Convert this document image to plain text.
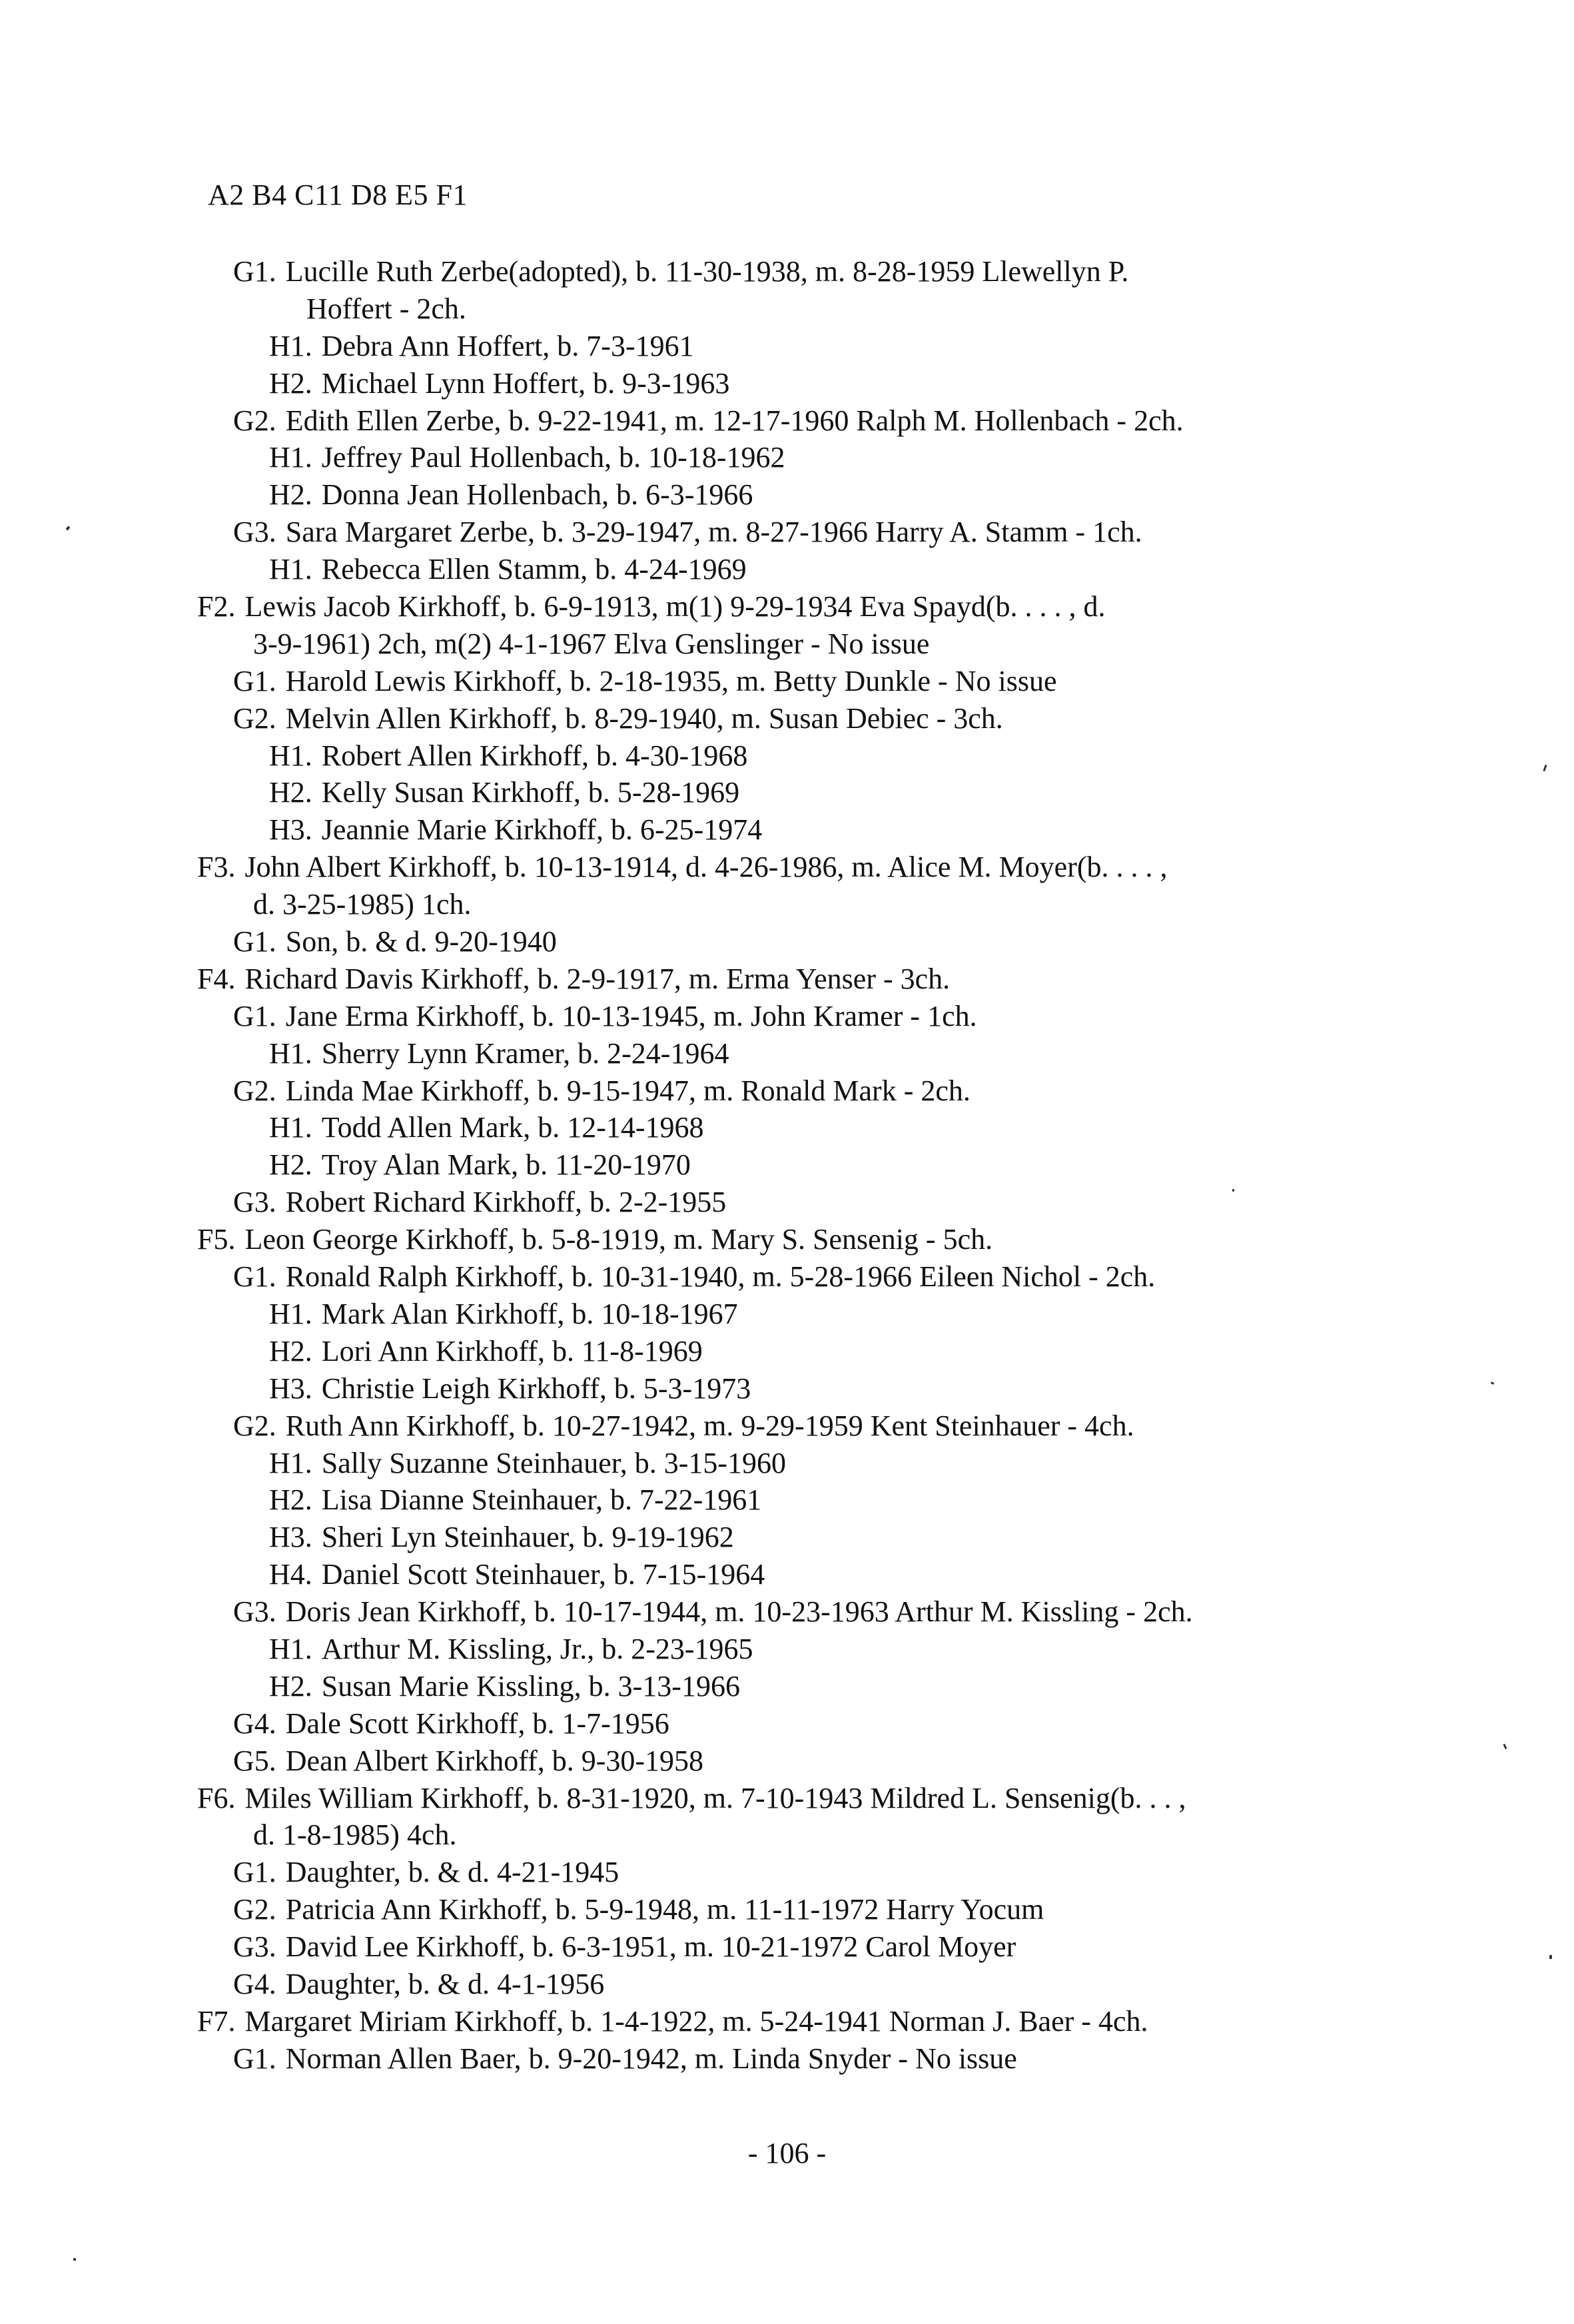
A2 B4 C11 D8 E5 F1
G1. Lucille Ruth Zerbe(adopted), b. 11-30-1938, m. 8-28-1959 Llewellyn P.
Hoffert - 2ch.
H1. Debra Ann Hoffert, b. 7-3-1961
H2. Michael Lynn Hoffert, b. 9-3-1963
G2. Edith Ellen Zerbe, b. 9-22-1941, m. 12-17-1960 Ralph M. Hollenbach - 2ch.
H1. Jeffrey Paul Hollenbach, b. 10-18-1962
H2. Donna Jean Hollenbach, b. 6-3-1966
G3. Sara Margaret Zerbe, b. 3-29-1947, m. 8-27-1966 Harry A. Stamm - 1ch.
H1. Rebecca Ellen Stamm, b. 4-24-1969
F2. Lewis Jacob Kirkhoff, b. 6-9-1913, m(1) 9-29-1934 Eva Spayd(b. . . . , d.
3-9-1961) 2ch, m(2) 4-1-1967 Elva Genslinger - No issue
G1. Harold Lewis Kirkhoff, b. 2-18-1935, m. Betty Dunkle - No issue
G2. Melvin Allen Kirkhoff, b. 8-29-1940, m. Susan Debiec - 3ch.
H1. Robert Allen Kirkhoff, b. 4-30-1968
H2. Kelly Susan Kirkhoff, b. 5-28-1969
H3. Jeannie Marie Kirkhoff, b. 6-25-1974
F3. John Albert Kirkhoff, b. 10-13-1914, d. 4-26-1986, m. Alice M. Moyer(b. . . . ,
d. 3-25-1985) 1ch.
G1. Son, b. & d. 9-20-1940
F4. Richard Davis Kirkhoff, b. 2-9-1917, m. Erma Yenser - 3ch.
G1. Jane Erma Kirkhoff, b. 10-13-1945, m. John Kramer - 1ch.
H1. Sherry Lynn Kramer, b. 2-24-1964
G2. Linda Mae Kirkhoff, b. 9-15-1947, m. Ronald Mark - 2ch.
H1. Todd Allen Mark, b. 12-14-1968
H2. Troy Alan Mark, b. 11-20-1970
G3. Robert Richard Kirkhoff, b. 2-2-1955
F5. Leon George Kirkhoff, b. 5-8-1919, m. Mary S. Sensenig - 5ch.
G1. Ronald Ralph Kirkhoff, b. 10-31-1940, m. 5-28-1966 Eileen Nichol - 2ch.
H1. Mark Alan Kirkhoff, b. 10-18-1967
H2. Lori Ann Kirkhoff, b. 11-8-1969
H3. Christie Leigh Kirkhoff, b. 5-3-1973
G2. Ruth Ann Kirkhoff, b. 10-27-1942, m. 9-29-1959 Kent Steinhauer - 4ch.
H1. Sally Suzanne Steinhauer, b. 3-15-1960
H2. Lisa Dianne Steinhauer, b. 7-22-1961
H3. Sheri Lyn Steinhauer, b. 9-19-1962
H4. Daniel Scott Steinhauer, b. 7-15-1964
G3. Doris Jean Kirkhoff, b. 10-17-1944, m. 10-23-1963 Arthur M. Kissling - 2ch.
H1. Arthur M. Kissling, Jr., b. 2-23-1965
H2. Susan Marie Kissling, b. 3-13-1966
G4. Dale Scott Kirkhoff, b. 1-7-1956
G5. Dean Albert Kirkhoff, b. 9-30-1958
F6. Miles William Kirkhoff, b. 8-31-1920, m. 7-10-1943 Mildred L. Sensenig(b. . . ,
d. 1-8-1985) 4ch.
G1. Daughter, b. & d. 4-21-1945
G2. Patricia Ann Kirkhoff, b. 5-9-1948, m. 11-11-1972 Harry Yocum
G3. David Lee Kirkhoff, b. 6-3-1951, m. 10-21-1972 Carol Moyer
G4. Daughter, b. & d. 4-1-1956
F7. Margaret Miriam Kirkhoff, b. 1-4-1922, m. 5-24-1941 Norman J. Baer - 4ch.
G1. Norman Allen Baer, b. 9-20-1942, m. Linda Snyder - No issue
- 106 -
